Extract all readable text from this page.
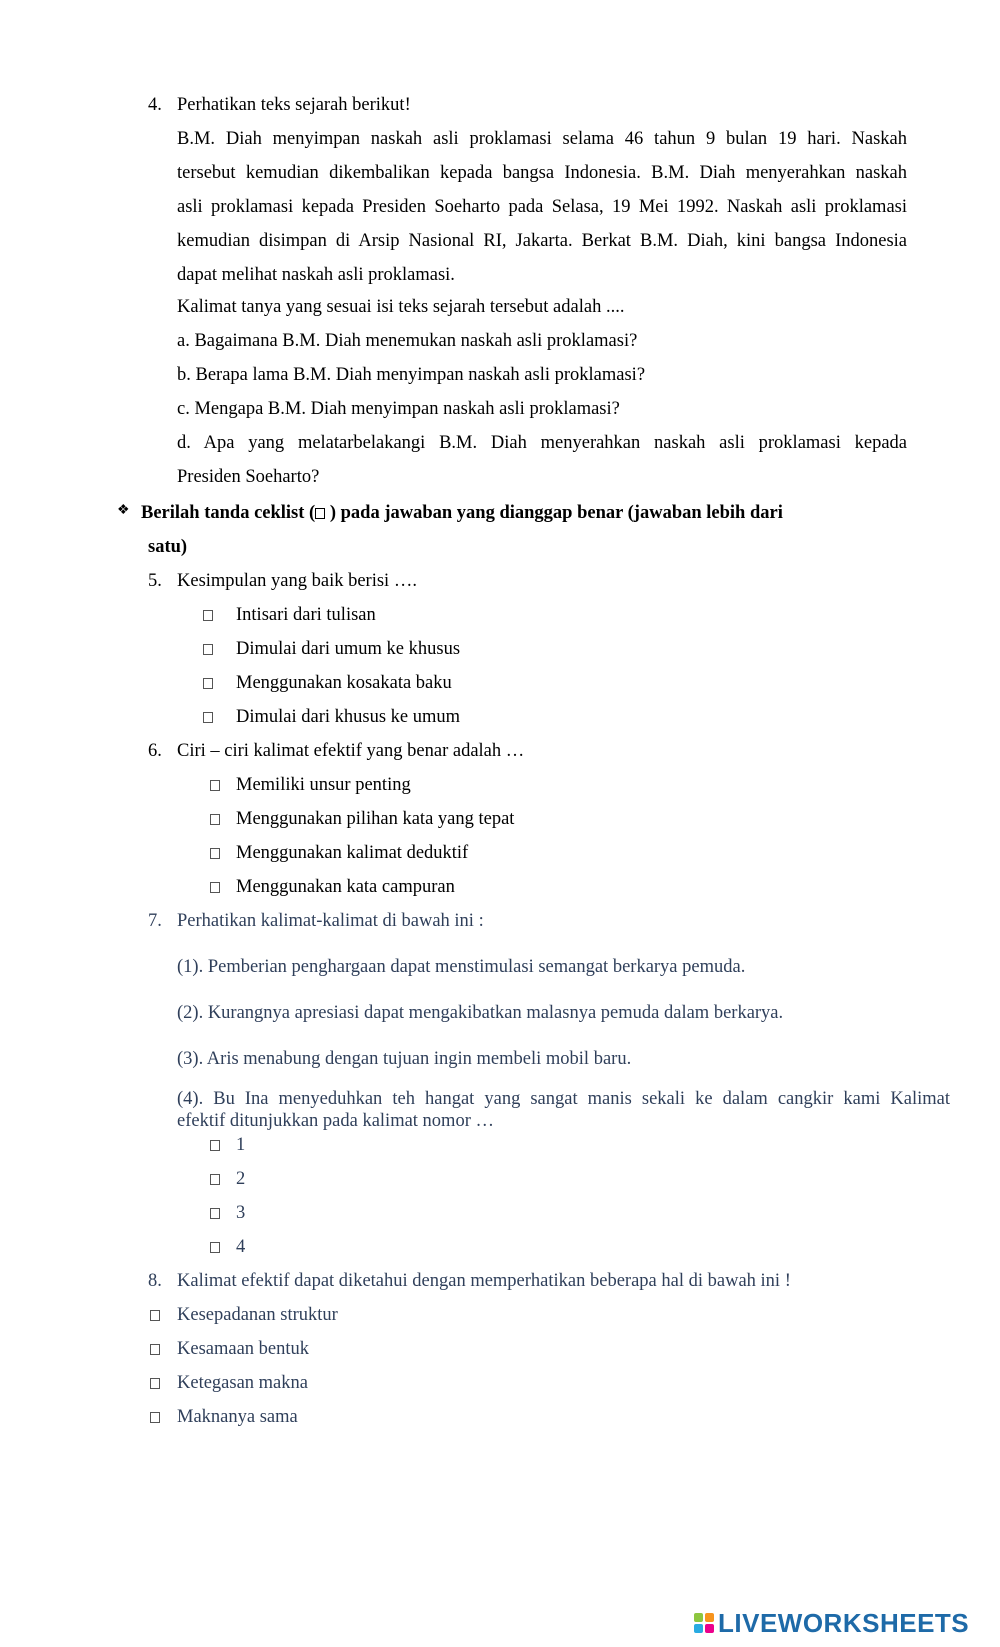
4. Perhatikan teks sejarah berikut!
B.M. Diah menyimpan naskah asli proklamasi selama 46 tahun 9 bulan 19 hari. Naskah
tersebut kemudian dikembalikan kepada bangsa Indonesia. B.M. Diah menyerahkan naskah
asli proklamasi kepada Presiden Soeharto pada Selasa, 19 Mei 1992. Naskah asli proklamasi
kemudian disimpan di Arsip Nasional RI, Jakarta. Berkat B.M. Diah, kini bangsa Indonesia
dapat melihat naskah asli proklamasi.
Kalimat tanya yang sesuai isi teks sejarah tersebut adalah ....
a. Bagaimana B.M. Diah menemukan naskah asli proklamasi?
b. Berapa lama B.M. Diah menyimpan naskah asli proklamasi?
c. Mengapa B.M. Diah menyimpan naskah asli proklamasi?
d. Apa yang melatarbelakangi B.M. Diah menyerahkan naskah asli proklamasi kepada
Presiden Soeharto?
❖ Berilah tanda ceklist ( ) pada jawaban yang dianggap benar (jawaban lebih dari
satu)
5. Kesimpulan yang baik berisi ….
Intisari dari tulisan
Dimulai dari umum ke khusus
Menggunakan kosakata baku
Dimulai dari khusus ke umum
6. Ciri – ciri kalimat efektif yang benar adalah …
Memiliki unsur penting
Menggunakan pilihan kata yang tepat
Menggunakan kalimat deduktif
Menggunakan kata campuran
7. Perhatikan kalimat-kalimat di bawah ini :
(1). Pemberian penghargaan dapat menstimulasi semangat berkarya pemuda.
(2). Kurangnya apresiasi dapat mengakibatkan malasnya pemuda dalam berkarya.
(3). Aris menabung dengan tujuan ingin membeli mobil baru.
(4). Bu Ina menyeduhkan teh hangat yang sangat manis sekali ke dalam cangkir kami Kalimat
efektif ditunjukkan pada kalimat nomor …
1
2
3
4
8. Kalimat efektif dapat diketahui dengan memperhatikan beberapa hal di bawah ini !
Kesepadanan struktur
Kesamaan bentuk
Ketegasan makna
Maknanya sama
LIVEWORKSHEETS
